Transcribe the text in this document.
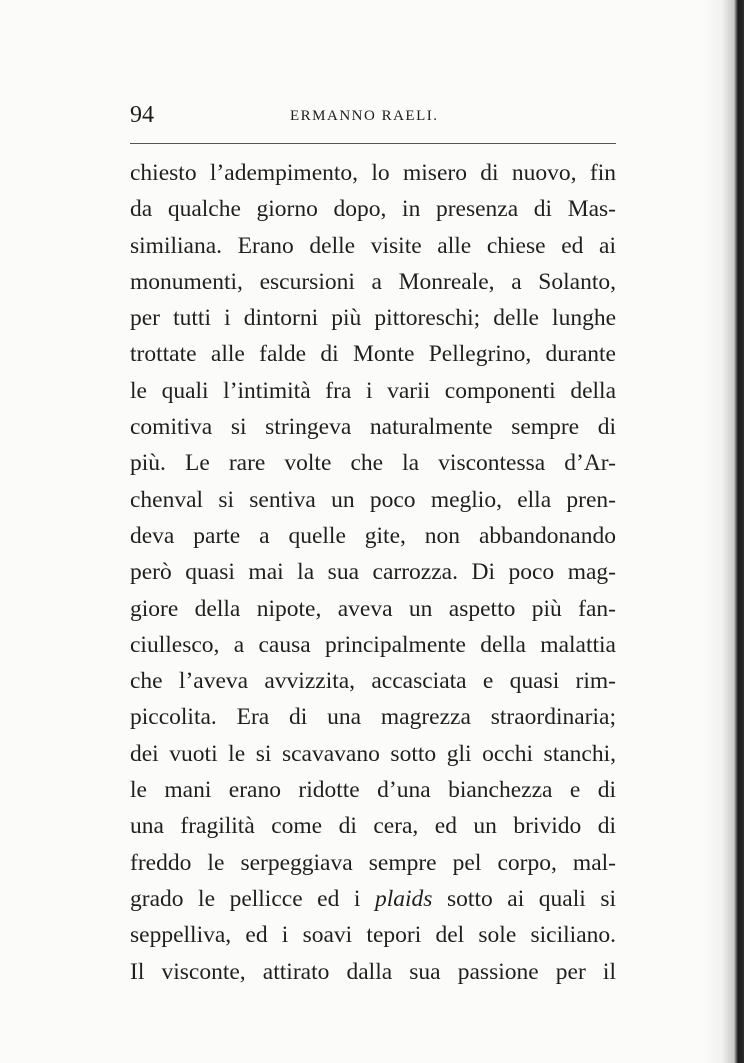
94	ERMANNO RAELI.
chiesto l’adempimento, lo misero di nuovo, fin
da qualche giorno dopo, in presenza di Mas-
similiana. Erano delle visite alle chiese ed ai
monumenti, escursioni a Monreale, a Solanto,
per tutti i dintorni più pittoreschi; delle lunghe
trottate alle falde di Monte Pellegrino, durante
le quali l’intimità fra i varii componenti della
comitiva si stringeva naturalmente sempre di
più. Le rare volte che la viscontessa d’Ar-
chenval si sentiva un poco meglio, ella pren-
deva parte a quelle gite, non abbandonando
però quasi mai la sua carrozza. Di poco mag-
giore della nipote, aveva un aspetto più fan-
ciullesco, a causa principalmente della malattia
che l’aveva avvizzita, accasciata e quasi rim-
piccolita. Era di una magrezza straordinaria;
dei vuoti le si scavavano sotto gli occhi stanchi,
le mani erano ridotte d’una bianchezza e di
una fragilità come di cera, ed un brivido di
freddo le serpeggiava sempre pel corpo, mal-
grado le pellicce ed i plaids sotto ai quali si
seppelliva, ed i soavi tepori del sole siciliano.
Il visconte, attirato dalla sua passione per il
